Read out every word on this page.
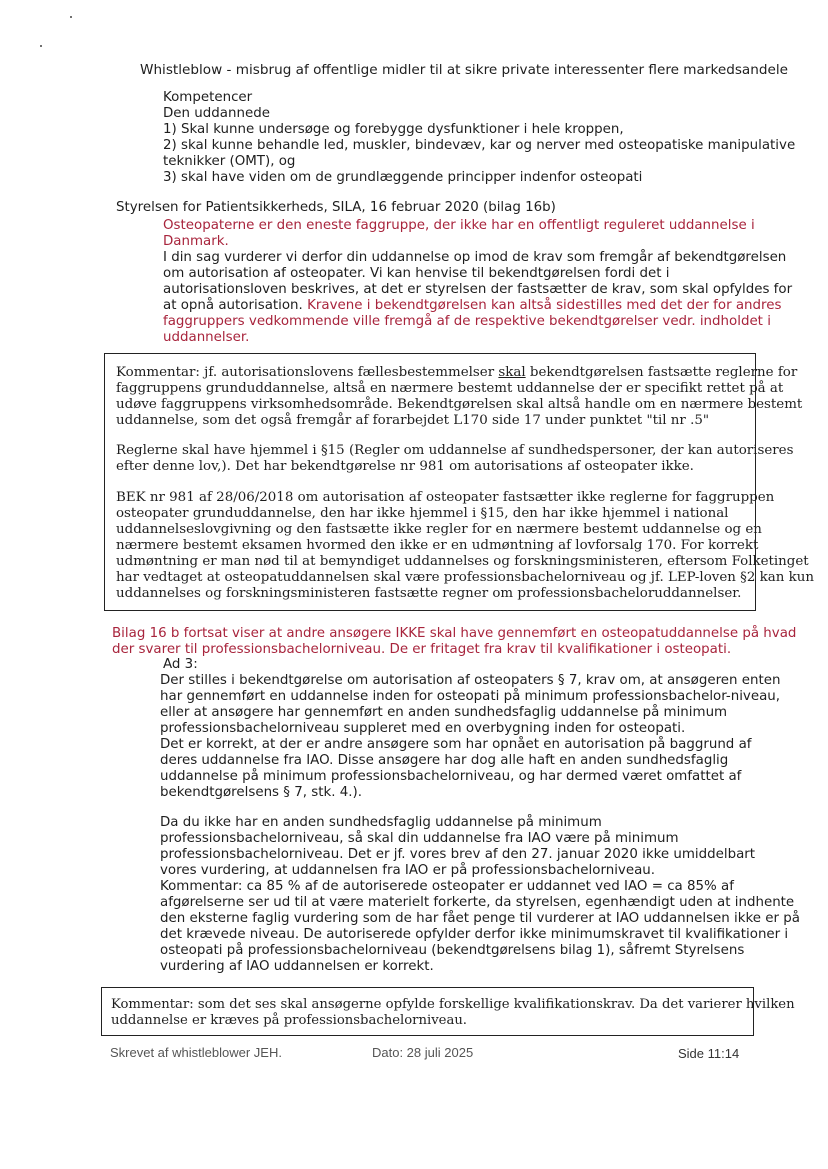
Whistleblow - misbrug af offentlige midler til at sikre private interessenter flere markedsandele
Kompetencer
Den uddannede
1) Skal kunne undersøge og forebygge dysfunktioner i hele kroppen,
2) skal kunne behandle led, muskler, bindevæv, kar og nerver med osteopatiske manipulative
teknikker (OMT), og
3) skal have viden om de grundlæggende principper indenfor osteopati
Styrelsen for Patientsikkerheds, SILA, 16 februar 2020 (bilag 16b)
Osteopaterne er den eneste faggruppe, der ikke har en offentligt reguleret uddannelse i
Danmark.
I din sag vurderer vi derfor din uddannelse op imod de krav som fremgår af bekendtgørelsen
om autorisation af osteopater. Vi kan henvise til bekendtgørelsen fordi det i
autorisationsloven beskrives, at det er styrelsen der fastsætter de krav, som skal opfyldes for
at opnå autorisation. Kravene i bekendtgørelsen kan altså sidestilles med det der for andres
faggruppers vedkommende ville fremgå af de respektive bekendtgørelser vedr. indholdet i
uddannelser.
Kommentar: jf. autorisationslovens fællesbestemmelser skal bekendtgørelsen fastsætte reglerne for
faggruppens grunduddannelse, altså en nærmere bestemt uddannelse der er specifikt rettet på at
udøve faggruppens virksomhedsområde. Bekendtgørelsen skal altså handle om en nærmere bestemt
uddannelse, som det også fremgår af forarbejdet L170 side 17 under punktet "til nr .5"
Reglerne skal have hjemmel i §15 (Regler om uddannelse af sundhedspersoner, der kan autoriseres
efter denne lov,). Det har bekendtgørelse nr 981 om autorisations af osteopater ikke.
BEK nr 981 af 28/06/2018 om autorisation af osteopater fastsætter ikke reglerne for faggruppen
osteopater grunduddannelse, den har ikke hjemmel i §15, den har ikke hjemmel i national
uddannelseslovgivning og den fastsætte ikke regler for en nærmere bestemt uddannelse og en
nærmere bestemt eksamen hvormed den ikke er en udmøntning af lovforsalg 170. For korrekt
udmøntning er man nød til at bemyndiget uddannelses og forskningsministeren, eftersom Folketinget
har vedtaget at osteopatuddannelsen skal være professionsbachelorniveau og jf. LEP-loven §2 kan kun
uddannelses og forskningsministeren fastsætte regner om professionsbacheloruddannelser.
Bilag 16 b fortsat viser at andre ansøgere IKKE skal have gennemført en osteopatuddannelse på hvad
der svarer til professionsbachelorniveau. De er fritaget fra krav til kvalifikationer i osteopati.
Ad 3:
Der stilles i bekendtgørelse om autorisation af osteopaters § 7, krav om, at ansøgeren enten
har gennemført en uddannelse inden for osteopati på minimum professionsbachelor-niveau,
eller at ansøgere har gennemført en anden sundhedsfaglig uddannelse på minimum
professionsbachelorniveau suppleret med en overbygning inden for osteopati.
Det er korrekt, at der er andre ansøgere som har opnået en autorisation på baggrund af
deres uddannelse fra IAO. Disse ansøgere har dog alle haft en anden sundhedsfaglig
uddannelse på minimum professionsbachelorniveau, og har dermed været omfattet af
bekendtgørelsens § 7, stk. 4.).
Da du ikke har en anden sundhedsfaglig uddannelse på minimum
professionsbachelorniveau, så skal din uddannelse fra IAO være på minimum
professionsbachelorniveau. Det er jf. vores brev af den 27. januar 2020 ikke umiddelbart
vores vurdering, at uddannelsen fra IAO er på professionsbachelorniveau.
Kommentar: ca 85 % af de autoriserede osteopater er uddannet ved IAO = ca 85% af
afgørelserne ser ud til at være materielt forkerte, da styrelsen, egenhændigt uden at indhente
den eksterne faglig vurdering som de har fået penge til vurderer at IAO uddannelsen ikke er på
det krævede niveau. De autoriserede opfylder derfor ikke minimumskravet til kvalifikationer i
osteopati på professionsbachelorniveau (bekendtgørelsens bilag 1), såfremt Styrelsens
vurdering af IAO uddannelsen er korrekt.
Kommentar: som det ses skal ansøgerne opfylde forskellige kvalifikationskrav. Da det varierer hvilken
uddannelse er kræves på professionsbachelorniveau.
Skrevet af whistleblower JEH.	Dato: 28 juli 2025	Side 11:14
